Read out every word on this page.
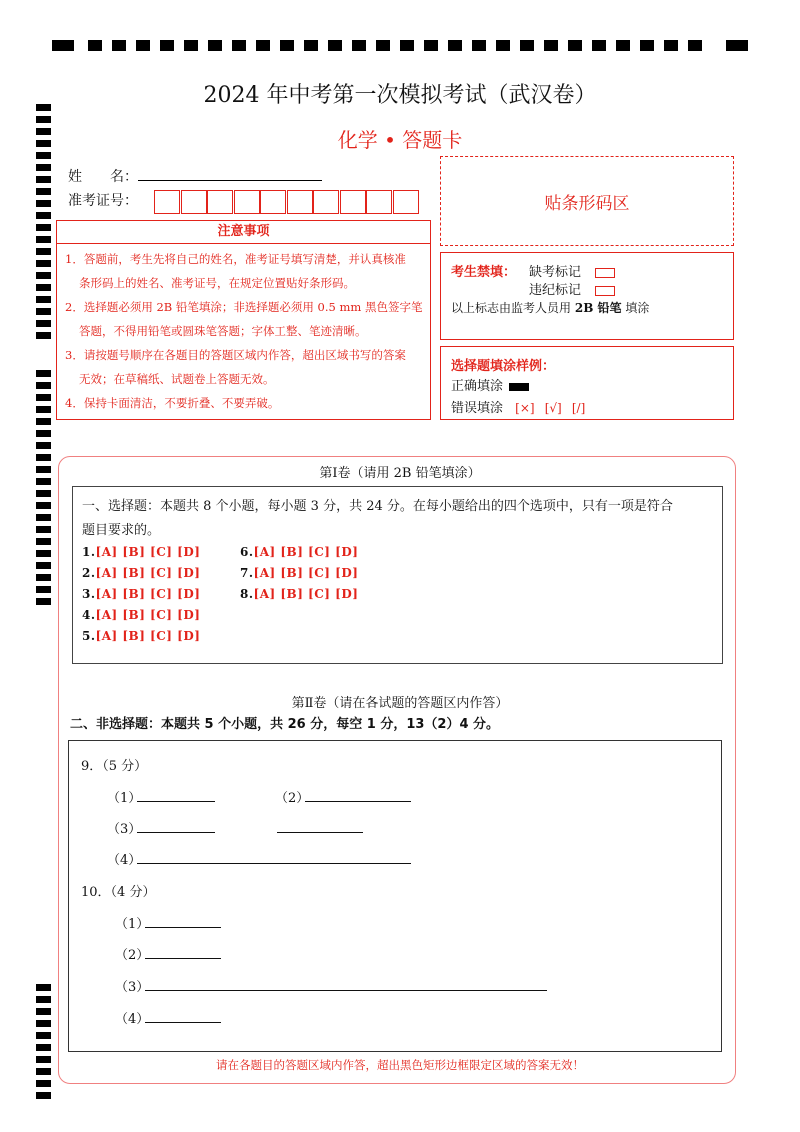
2024 年中考第一次模拟考试（武汉卷）
化学 • 答题卡
姓　　名：
准考证号：	贴条形码区
注意事项
1．答题前，考生先将自己的姓名，准考证号填写清楚，并认真核准
条形码上的姓名、准考证号，在规定位置贴好条形码。
2．选择题必须用 2B 铅笔填涂；非选择题必须用 0.5 mm 黑色签字笔
答题，不得用铅笔或圆珠笔答题；字体工整、笔迹清晰。
3．请按题号顺序在各题目的答题区域内作答，超出区域书写的答案
无效；在草稿纸、试题卷上答题无效。
4．保持卡面清洁，不要折叠、不要弄破。
考生禁填： 缺考标记
违纪标记
以上标志由监考人员用 2B 铅笔 填涂
选择题填涂样例：
正确填涂
错误填涂 [×] [√] [/]
第Ⅰ卷（请用 2B 铅笔填涂）
一、选择题：本题共 8 个小题，每小题 3 分，共 24 分。在每小题给出的四个选项中，只有一项是符合
题目要求的。
1.[A] [B] [C] [D]
2.[A] [B] [C] [D]
3.[A] [B] [C] [D]
4.[A] [B] [C] [D]
5.[A] [B] [C] [D]
6.[A] [B] [C] [D]
7.[A] [B] [C] [D]
8.[A] [B] [C] [D]
第Ⅱ卷（请在各试题的答题区内作答）
二、非选择题：本题共 5 个小题，共 26 分，每空 1 分，13（2）4 分。
9．（5 分）
（1）	（2）
（3）
（4）
10．（4 分）
（1）
（2）
（3）
（4）
请在各题目的答题区域内作答，超出黑色矩形边框限定区域的答案无效！
